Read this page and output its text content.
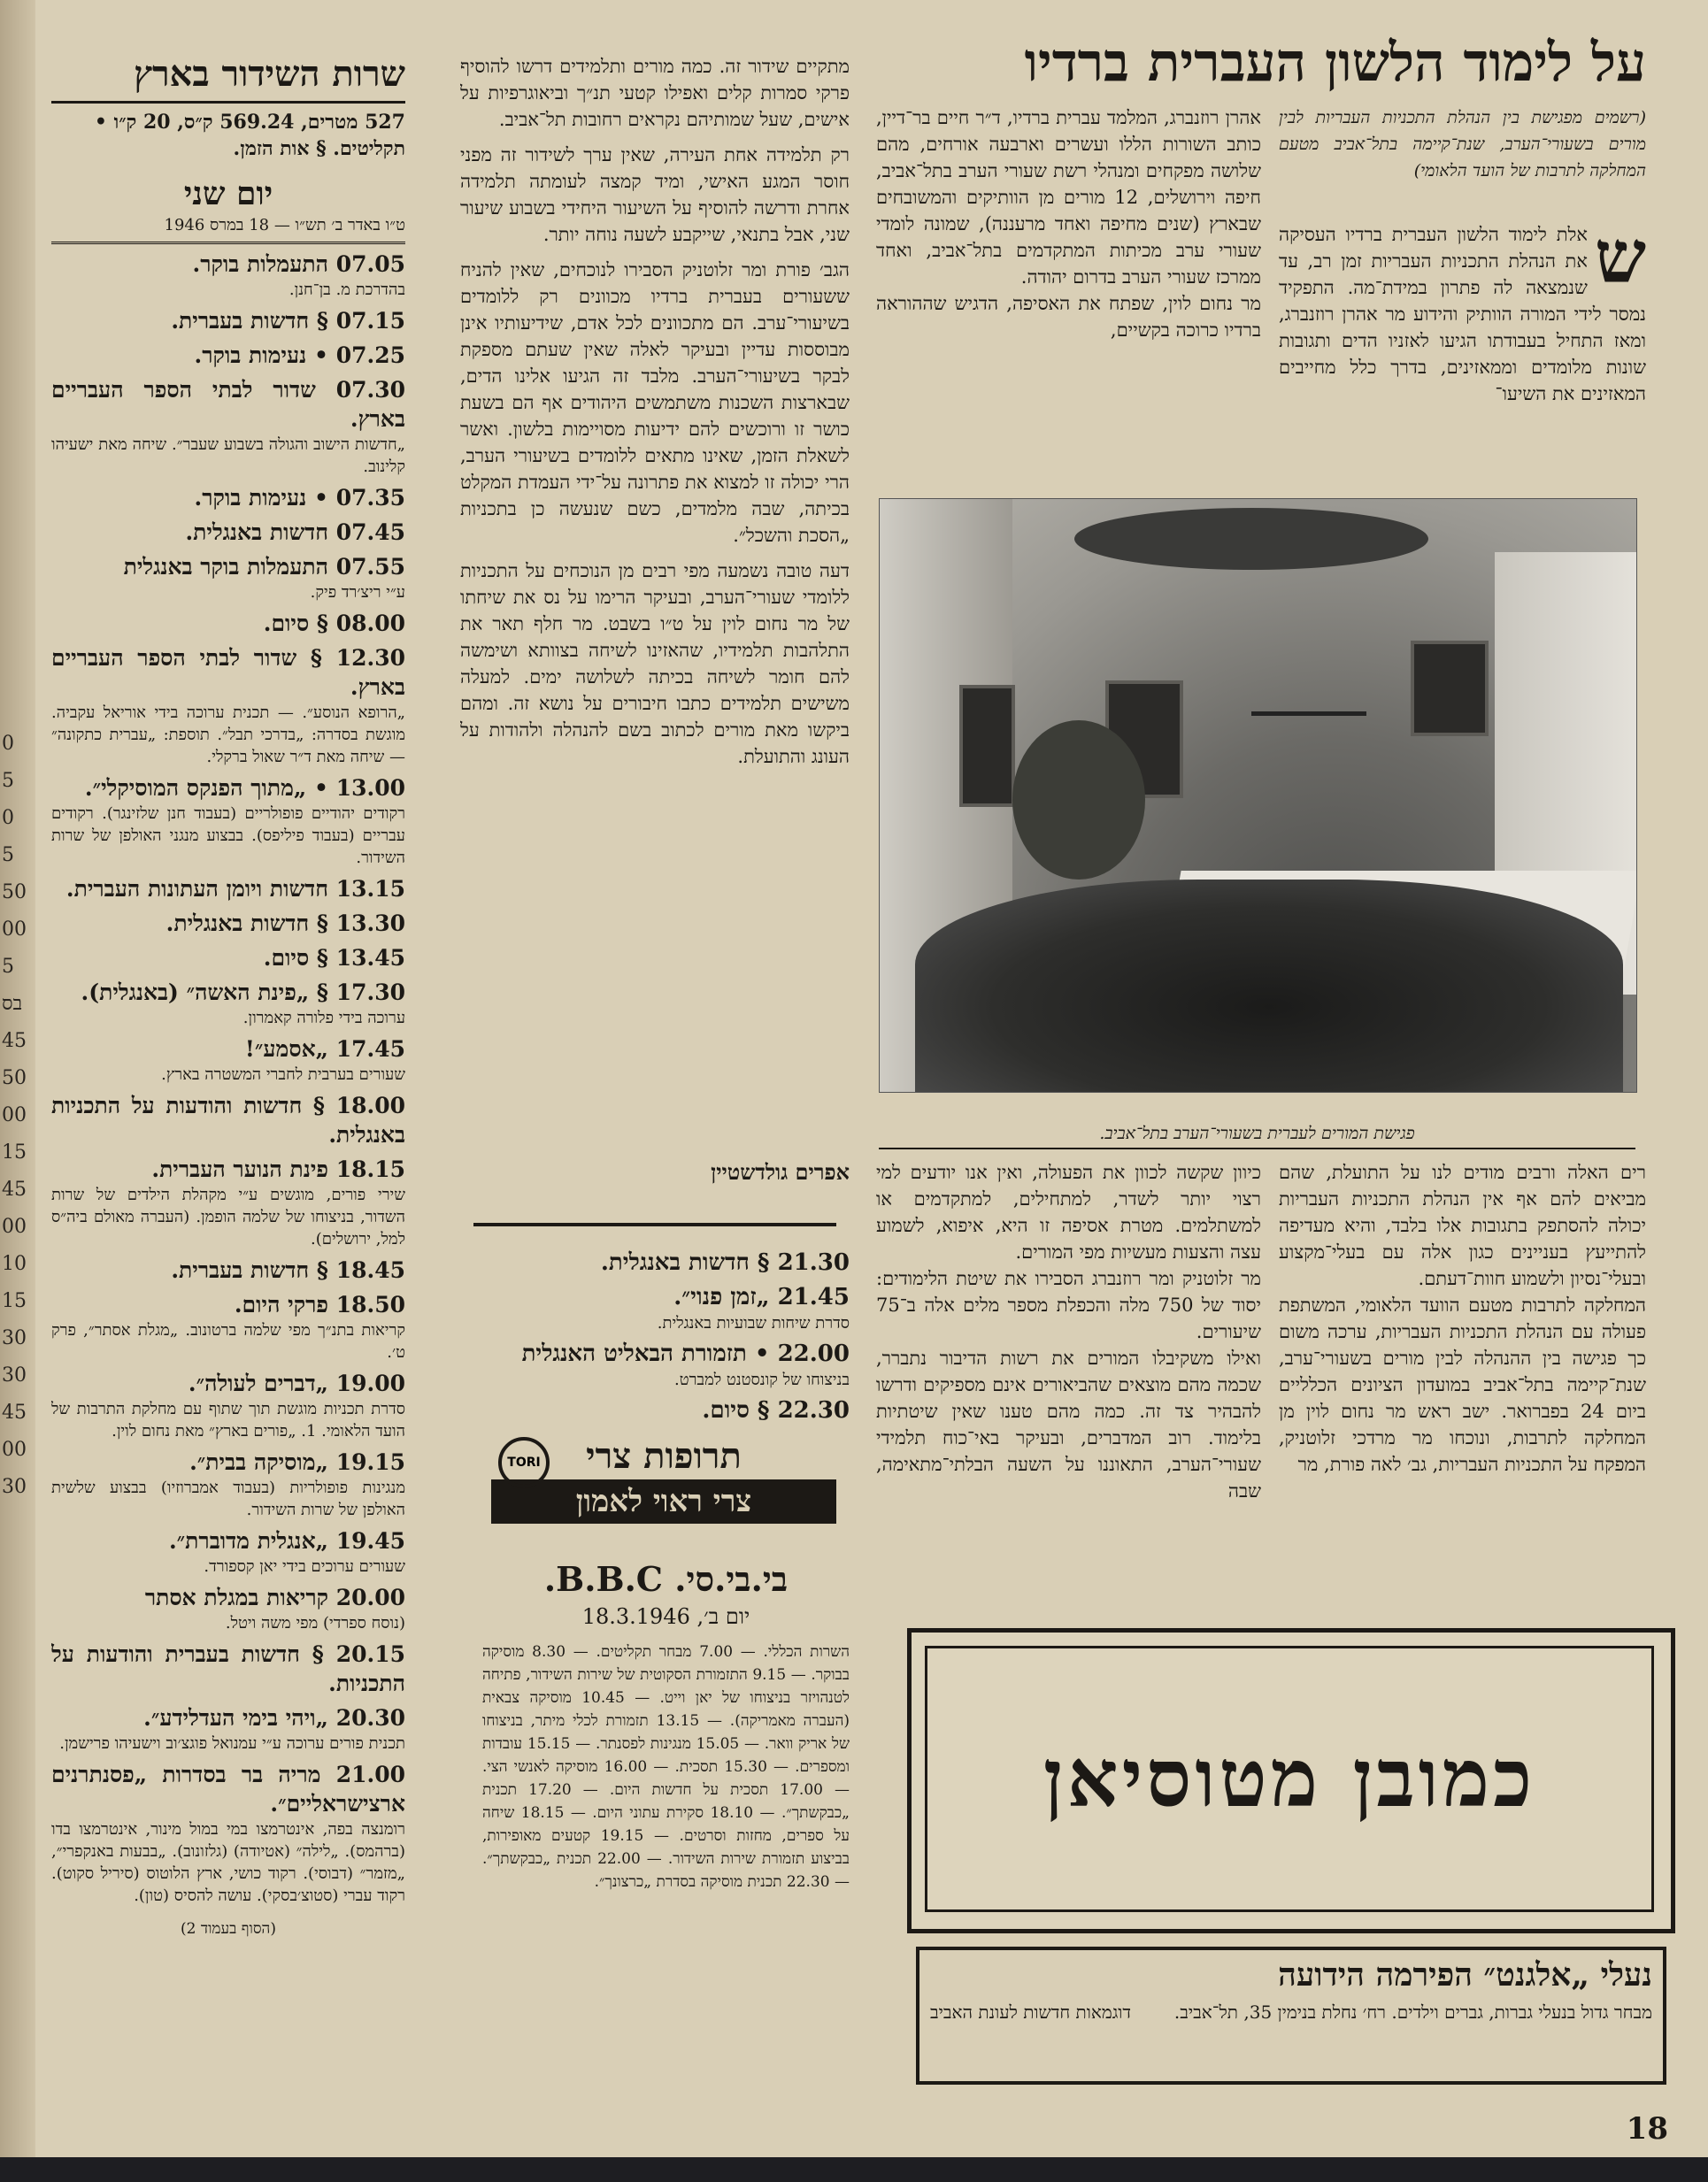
0
5
0
5
50
00
5
בס
45
50
00
15
45
00
10
15
30
30
45
00
30
שרות השידור בארץ
527 מטרים, 569.24 ק״ס, 20 ק״ו • תקליטים. § אות הזמן.
יום שני
ט״ו באדר ב׳ תש״ו — 18 במרס 1946
07.05 התעמלות בוקר.
בהדרכת מ. בן־חנן.
07.15 § חדשות בעברית.
07.25 • נעימות בוקר.
07.30 שדור לבתי הספר העבריים בארץ.
„חדשות הישוב והגולה בשבוע שעבר״. שיחה מאת ישעיהו קלינוב.
07.35 • נעימות בוקר.
07.45 חדשות באנגלית.
07.55 התעמלות בוקר באנגלית
ע״י ריצ׳רד פיק.
08.00 § סיום.
12.30 § שדור לבתי הספר העבריים בארץ.
„הרופא הנוסע״. — תכנית ערוכה בידי אוריאל עקביה. מוגשת בסדרה: „בדרכי תבל״. תוספת: „עברית כתקונה״ — שיחה מאת ד״ר שאול ברקלי.
13.00 • „מתוך הפנקס המוסיקלי״.
רקודים יהודיים פופולריים (בעבוד חנן שלזינגר). רקודים עבריים (בעבוד פיליפס). בבצוע מנגני האולפן של שרות השידור.
13.15 חדשות ויומן העתונות העברית.
13.30 § חדשות באנגלית.
13.45 § סיום.
17.30 § „פינת האשה״ (באנגלית).
ערוכה בידי פלורה קאמרון.
17.45 „אסמע״!
שעורים בערבית לחברי המשטרה בארץ.
18.00 § חדשות והודעות על התכניות באנגלית.
18.15 פינת הנוער העברית.
שירי פורים, מוגשים ע״י מקהלת הילדים של שרות השדור, בניצוחו של שלמה הופמן. (העברה מאולם ביה״ס למל, ירושלים).
18.45 § חדשות בעברית.
18.50 פרקי היום.
קריאות בתנ״ך מפי שלמה ברטונוב. „מגלת אסתר״, פרק ט׳.
19.00 „דברים לעולה״.
סדרת תכניות מוגשת תוך שתוף עם מחלקת התרבות של הועד הלאומי. 1. „פורים בארץ״ מאת נחום לוין.
19.15 „מוסיקה בבית״.
מנגינות פופולריות (בעבוד אמברוזיו) בבצוע שלשית האולפן של שרות השידור.
19.45 „אנגלית מדוברת״.
שעורים ערוכים בידי יאן קספורד.
20.00 קריאות במגלת אסתר
(נוסח ספרדי) מפי משה ויטל.
20.15 § חדשות בעברית והודעות על התכניות.
20.30 „ויהי בימי העדלידע״.
תכנית פורים ערוכה ע״י עמנואל פוגצ׳וב וישעיהו פרישמן.
21.00 מריה בר בסדרות „פסנתרנים ארצישראליים״.
רומנצה בפה, אינטרמצו במי במול מינור, אינטרמצו בדו (ברהמס). „לילה״ (אטיודה) (גלזונוב). „בבעות באנקפרי״, „מזמר״ (דבוסי). רקוד כושי, ארץ הלוטוס (סיריל סקוט). רקוד עברי (סטוצ׳בסקי). עושה להסיס (טון).
(הסוף בעמוד 2)
על לימוד הלשון העברית ברדיו
(רשמים מפגישת בין הנהלת התכניות העבריות לבין מורים בשעורי־הערב, שנת־קיימה בתל־אביב מטעם המחלקה לתרבות של הועד הלאומי)
ש
אלת לימוד הלשון העברית ברדיו העסיקה את הנהלת התכניות העבריות זמן רב, עד שנמצאה לה פתרון במידת־מה. התפקיד נמסר לידי המורה הוותיק והידוע מר אהרן רוזנברג, ומאז התחיל בעבודתו הגיעו לאזניו הדים ותגובות שונות מלומדים וממאזינים, בדרך כלל מחייבים המאזינים את השיעו־
אהרן רוזנברג, המלמד עברית ברדיו, ד״ר חיים בר־דיין, כותב השורות הללו ועשרים וארבעה אורחים, מהם שלושה מפקחים ומנהלי רשת שעורי הערב בתל־אביב, חיפה וירושלים, 12 מורים מן הוותיקים והמשובחים שבארץ (שנים מחיפה ואחד מרעננה), שמונה לומדי שעורי ערב מכיתות המתקדמים בתל־אביב, ואחד ממרכז שעורי הערב בדרום יהודה.
מר נחום לוין, שפתח את האסיפה, הדגיש שההוראה ברדיו כרוכה בקשיים,

מתקיים שידור זה. כמה מורים ותלמידים דרשו להוסיף פרקי סמרות קלים ואפילו קטעי תנ״ך וביאוגרפיות על אישים, שעל שמותיהם נקראים רחובות תל־אביב.

רק תלמידה אחת העירה, שאין ערך לשידור זה מפני חוסר המגע האישי, ומיד קמצה לעומתה תלמידה אחרת ודרשה להוסיף על השיעור היחידי בשבוע שיעור שני, אבל בתנאי, שייקבע לשעה נוחה יותר.

הגב׳ פורת ומר זלוטניק הסבירו לנוכחים, שאין להניח ששעורים בעברית ברדיו מכוונים רק ללומדים בשיעורי־ערב. הם מתכוונים לכל אדם, שידיעותיו אינן מבוססות עדיין ובעיקר לאלה שאין שעתם מספקת לבקר בשיעורי־הערב. מלבד זה הגיעו אלינו הדים, שבארצות השכנות משתמשים היהודים אף הם בשעת כושר זו ורוכשים להם ידיעות מסויימות בלשון. ואשר לשאלת הזמן, שאינו מתאים ללומדים בשיעורי הערב, הרי יכולה זו למצוא את פתרונה על־ידי העמדת המקלט בכיתה, שבה מלמדים, כשם שנעשה כן בתכניות „הסכת והשכל״.

דעה טובה נשמעה מפי רבים מן הנוכחים על התכניות ללומדי שעורי־הערב, ובעיקר הרימו על נס את שיחתו של מר נחום לוין על ט״ו בשבט. מר חלף תאר את התלהבות תלמידיו, שהאזינו לשיחה בצוותא ושימשה להם חומר לשיחה בכיתה לשלושה ימים. למעלה משישים תלמידים כתבו חיבורים על נושא זה. ומהם ביקשו מאת מורים לכתוב בשם להנהלה ולהודות על העונג והתועלת.

אפרים גולדשטיין
פגישת המורים לעברית בשעורי־הערב בתל־אביב.
רים האלה ורבים מודים לנו על התועלת, שהם מביאים להם אף אין הנהלת התכניות העבריות יכולה להסתפק בתגובות אלו בלבד, והיא מעדיפה להתייעץ בעניינים כגון אלה עם בעלי־מקצוע ובעלי־נסיון ולשמוע חוות־דעתם.
המחלקה לתרבות מטעם הוועד הלאומי, המשתפת פעולה עם הנהלת התכניות העבריות, ערכה משום כך פגישה בין ההנהלה לבין מורים בשעורי־ערב, שנת־קיימה בתל־אביב במועדון הציונים הכלליים ביום 24 בפברואר. ישב ראש מר נחום לוין מן המחלקה לתרבות, ונוכחו מר מרדכי זלוטניק, המפקח על התכניות העבריות, גב׳ לאה פורת, מר
כיוון שקשה לכוון את הפעולה, ואין אנו יודעים למי רצוי יותר לשדר, למתחילים, למתקדמים או למשתלמים. מטרת אסיפה זו היא, איפוא, לשמוע עצה והצעות מעשיות מפי המורים.
מר זלוטניק ומר רוזנברג הסבירו את שיטת הלימודים: יסוד של 750 מלה והכפלת מספר מלים אלה ב־75 שיעורים.
ואילו משקיבלו המורים את רשות הדיבור נתברר, שכמה מהם מוצאים שהביאורים אינם מספיקים ודרשו להבהיר צד זה. כמה מהם טענו שאין שיטתיות בלימוד. רוב המדברים, ובעיקר באי־כוח תלמידי שעורי־הערב, התאוננו על השעה הבלתי־מתאימה, שבה
21.30 § חדשות באנגלית.
21.45 „זמן פנוי״.
סדרת שיחות שבועיות באנגלית.
22.00 • תזמורת הבאליט האנגלית
בניצוחו של קונסטנט למברט.
22.30 § סיום.
תרופות צרי
TORI
צרי ראוי לאמון
בי.בי.סי. B.B.C.
יום ב׳, 18.3.1946
השרות הכללי. — 7.00 מבחר תקליטים. — 8.30 מוסיקה בבוקר. — 9.15 התזמורת הסקוטית של שירות השידור, פתיחה לטנהויזר בניצוחו של יאן וייט. — 10.45 מוסיקה צבאית (העברה מאמריקה). — 13.15 תזמורת לכלי מיתר, בניצוחו של אריק וואר. — 15.05 מנגינות לפסנתר. — 15.15 עובדות ומספרים. — 15.30 תסכית. — 16.00 מוסיקה לאנשי הצי. — 17.00 תסכית על חדשות היום. — 17.20 תכנית „כבקשתך״. — 18.10 סקירת עתוני היום. — 18.15 שיחה על ספרים, מחזות וסרטים. — 19.15 קטעים מאופירות, בביצוע תזמורת שירות השידור. — 22.00 תכנית „כבקשתך״. — 22.30 תכנית מוסיקה בסדרת „כרצונך״.
כמובן מטוסיאן
נעלי „אלגנט״ הפירמה הידועה
מבחר גדול בנעלי גברות, גברים וילדים. רח׳ נחלת בנימין 35, תל־אביב.
דוגמאות חדשות לעונת האביב
18
